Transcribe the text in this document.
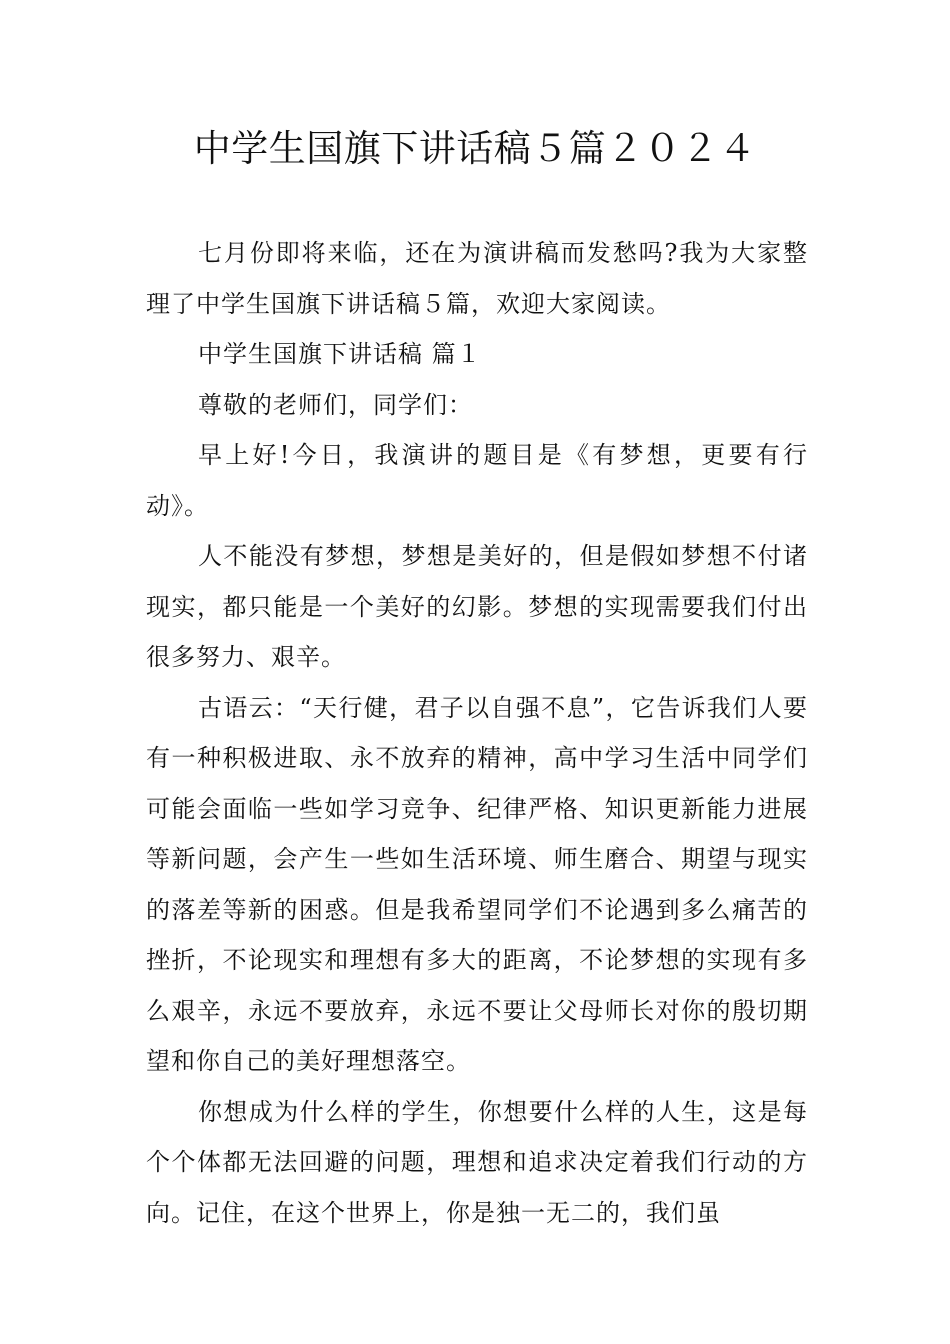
中学生国旗下讲话稿５篇２０２４

七月份即将来临，还在为演讲稿而发愁吗?我为大家整理了中学生国旗下讲话稿５篇，欢迎大家阅读。

中学生国旗下讲话稿 篇１

尊敬的老师们，同学们：

早上好!今日，我演讲的题目是《有梦想，更要有行动》。

人不能没有梦想，梦想是美好的，但是假如梦想不付诸现实，都只能是一个美好的幻影。梦想的实现需要我们付出很多努力、艰辛。

古语云：“天行健，君子以自强不息”，它告诉我们人要有一种积极进取、永不放弃的精神，高中学习生活中同学们可能会面临一些如学习竞争、纪律严格、知识更新能力进展等新问题，会产生一些如生活环境、师生磨合、期望与现实的落差等新的困惑。但是我希望同学们不论遇到多么痛苦的挫折，不论现实和理想有多大的距离，不论梦想的实现有多么艰辛，永远不要放弃，永远不要让父母师长对你的殷切期望和你自己的美好理想落空。

你想成为什么样的学生，你想要什么样的人生，这是每个个体都无法回避的问题，理想和追求决定着我们行动的方向。记住，在这个世界上，你是独一无二的，我们虽
